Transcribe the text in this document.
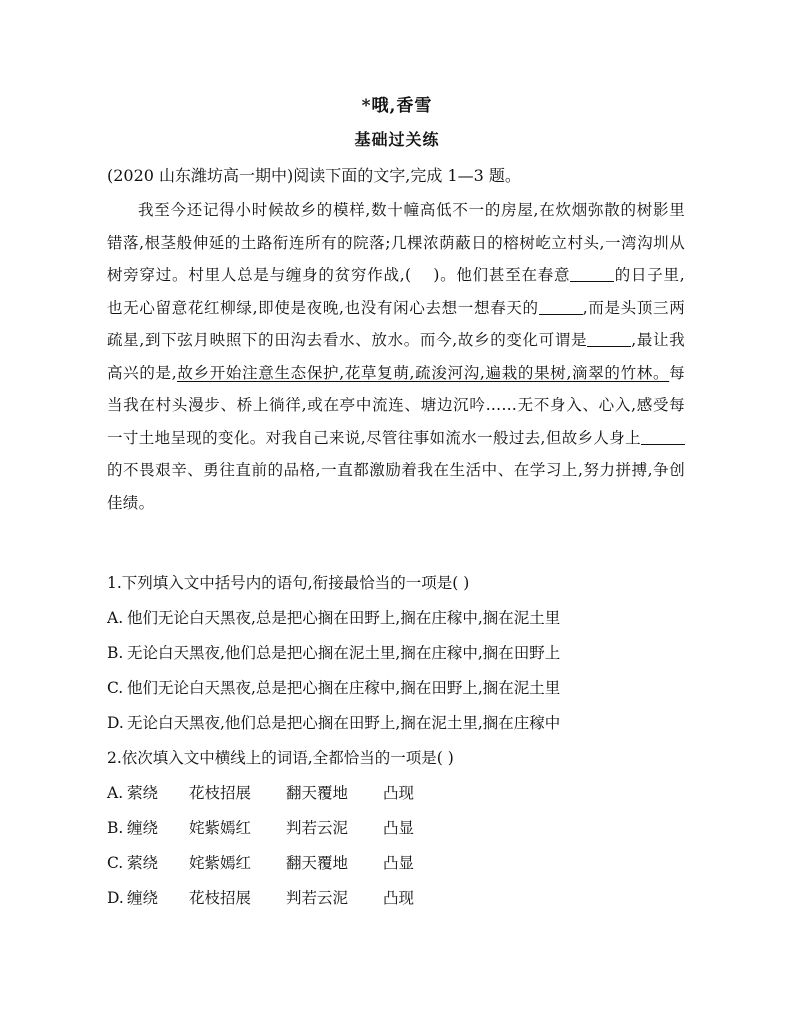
*哦,香雪
基础过关练
(2020 山东潍坊高一期中)阅读下面的文字,完成 1—3 题。

我至今还记得小时候故乡的模样,数十幢高低不一的房屋,在炊烟弥散的树影里错落,根茎般伸延的土路衔连所有的院落;几棵浓荫蔽日的榕树屹立村头,一湾沟圳从树旁穿过。村里人总是与缠身的贫穷作战,( )。他们甚至在春意	的日子里,也无心留意花红柳绿,即使是夜晚,也没有闲心去想一想春天的	,而是头顶三两疏星,到下弦月映照下的田沟去看水、放水。而今,故乡的变化可谓是	,最让我高兴的是,故乡开始注意生态保护,花草复萌,疏浚河沟,遍栽的果树,滴翠的竹林。每当我在村头漫步、桥上徜徉,或在亭中流连、塘边沉吟……无不身入、心入,感受每一寸土地呈现的变化。对我自己来说,尽管往事如流水一般过去,但故乡人身上的不畏艰辛、勇往直前的品格,一直都激励着我在生活中、在学习上,努力拼搏,争创佳绩。

1.下列填入文中括号内的语句,衔接最恰当的一项是( )
A. 他们无论白天黑夜,总是把心搁在田野上,搁在庄稼中,搁在泥土里
B. 无论白天黑夜,他们总是把心搁在泥土里,搁在庄稼中,搁在田野上
C. 他们无论白天黑夜,总是把心搁在庄稼中,搁在田野上,搁在泥土里
D. 无论白天黑夜,他们总是把心搁在田野上,搁在泥土里,搁在庄稼中
2.依次填入文中横线上的词语,全都恰当的一项是( )
A. 萦绕 花枝招展 翻天覆地 凸现
B. 缠绕 姹紫嫣红 判若云泥 凸显
C. 萦绕 姹紫嫣红 翻天覆地 凸显
D. 缠绕 花枝招展 判若云泥 凸现
